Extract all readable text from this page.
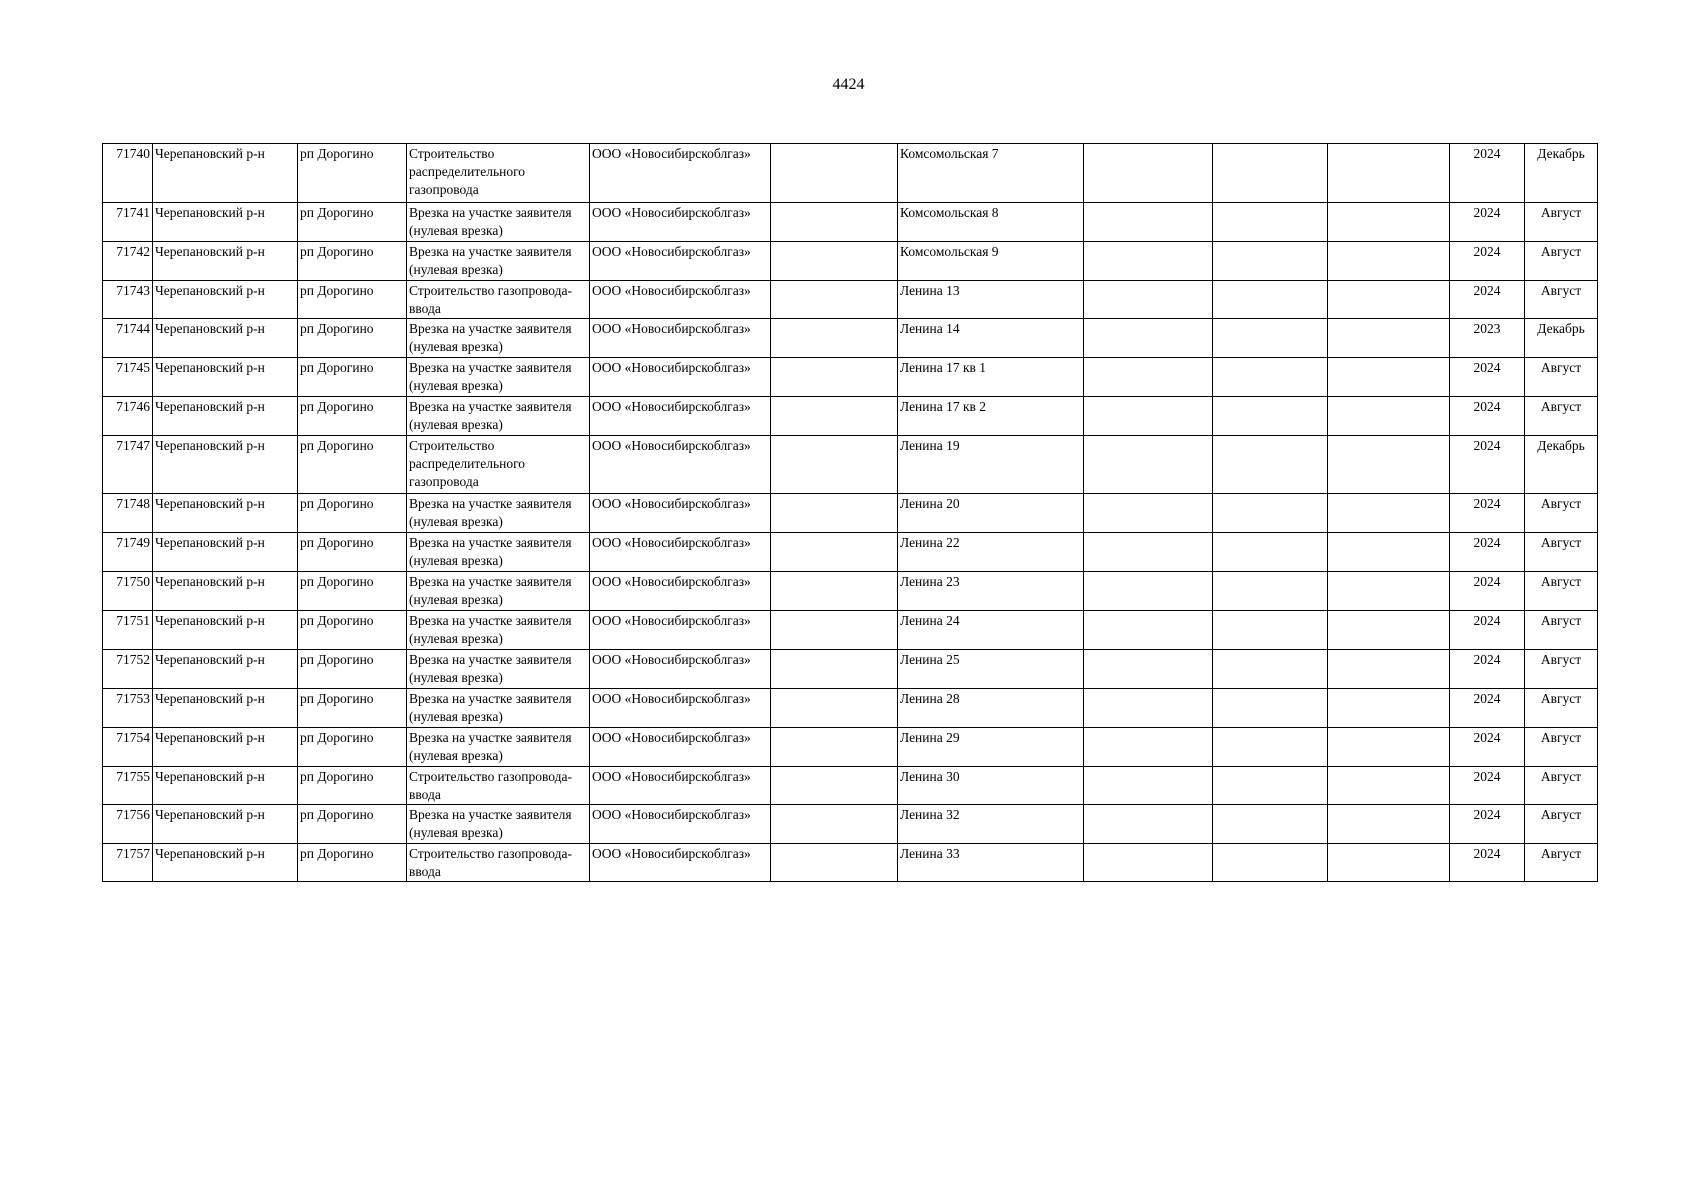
4424
71740	Черепановский р-н	рп Дорогино	Строительство распределительного газопровода	ООО «Новосибирскоблгаз»		Комсомольская 7				2024	Декабрь
71741	Черепановский р-н	рп Дорогино	Врезка на участке заявителя (нулевая врезка)	ООО «Новосибирскоблгаз»		Комсомольская 8				2024	Август
71742	Черепановский р-н	рп Дорогино	Врезка на участке заявителя (нулевая врезка)	ООО «Новосибирскоблгаз»		Комсомольская 9				2024	Август
71743	Черепановский р-н	рп Дорогино	Строительство газопровода-ввода	ООО «Новосибирскоблгаз»		Ленина 13				2024	Август
71744	Черепановский р-н	рп Дорогино	Врезка на участке заявителя (нулевая врезка)	ООО «Новосибирскоблгаз»		Ленина 14				2023	Декабрь
71745	Черепановский р-н	рп Дорогино	Врезка на участке заявителя (нулевая врезка)	ООО «Новосибирскоблгаз»		Ленина 17 кв 1				2024	Август
71746	Черепановский р-н	рп Дорогино	Врезка на участке заявителя (нулевая врезка)	ООО «Новосибирскоблгаз»		Ленина 17 кв 2				2024	Август
71747	Черепановский р-н	рп Дорогино	Строительство распределительного газопровода	ООО «Новосибирскоблгаз»		Ленина 19				2024	Декабрь
71748	Черепановский р-н	рп Дорогино	Врезка на участке заявителя (нулевая врезка)	ООО «Новосибирскоблгаз»		Ленина 20				2024	Август
71749	Черепановский р-н	рп Дорогино	Врезка на участке заявителя (нулевая врезка)	ООО «Новосибирскоблгаз»		Ленина 22				2024	Август
71750	Черепановский р-н	рп Дорогино	Врезка на участке заявителя (нулевая врезка)	ООО «Новосибирскоблгаз»		Ленина 23				2024	Август
71751	Черепановский р-н	рп Дорогино	Врезка на участке заявителя (нулевая врезка)	ООО «Новосибирскоблгаз»		Ленина 24				2024	Август
71752	Черепановский р-н	рп Дорогино	Врезка на участке заявителя (нулевая врезка)	ООО «Новосибирскоблгаз»		Ленина 25				2024	Август
71753	Черепановский р-н	рп Дорогино	Врезка на участке заявителя (нулевая врезка)	ООО «Новосибирскоблгаз»		Ленина 28				2024	Август
71754	Черепановский р-н	рп Дорогино	Врезка на участке заявителя (нулевая врезка)	ООО «Новосибирскоблгаз»		Ленина 29				2024	Август
71755	Черепановский р-н	рп Дорогино	Строительство газопровода-ввода	ООО «Новосибирскоблгаз»		Ленина 30				2024	Август
71756	Черепановский р-н	рп Дорогино	Врезка на участке заявителя (нулевая врезка)	ООО «Новосибирскоблгаз»		Ленина 32				2024	Август
71757	Черепановский р-н	рп Дорогино	Строительство газопровода-ввода	ООО «Новосибирскоблгаз»		Ленина 33				2024	Август
